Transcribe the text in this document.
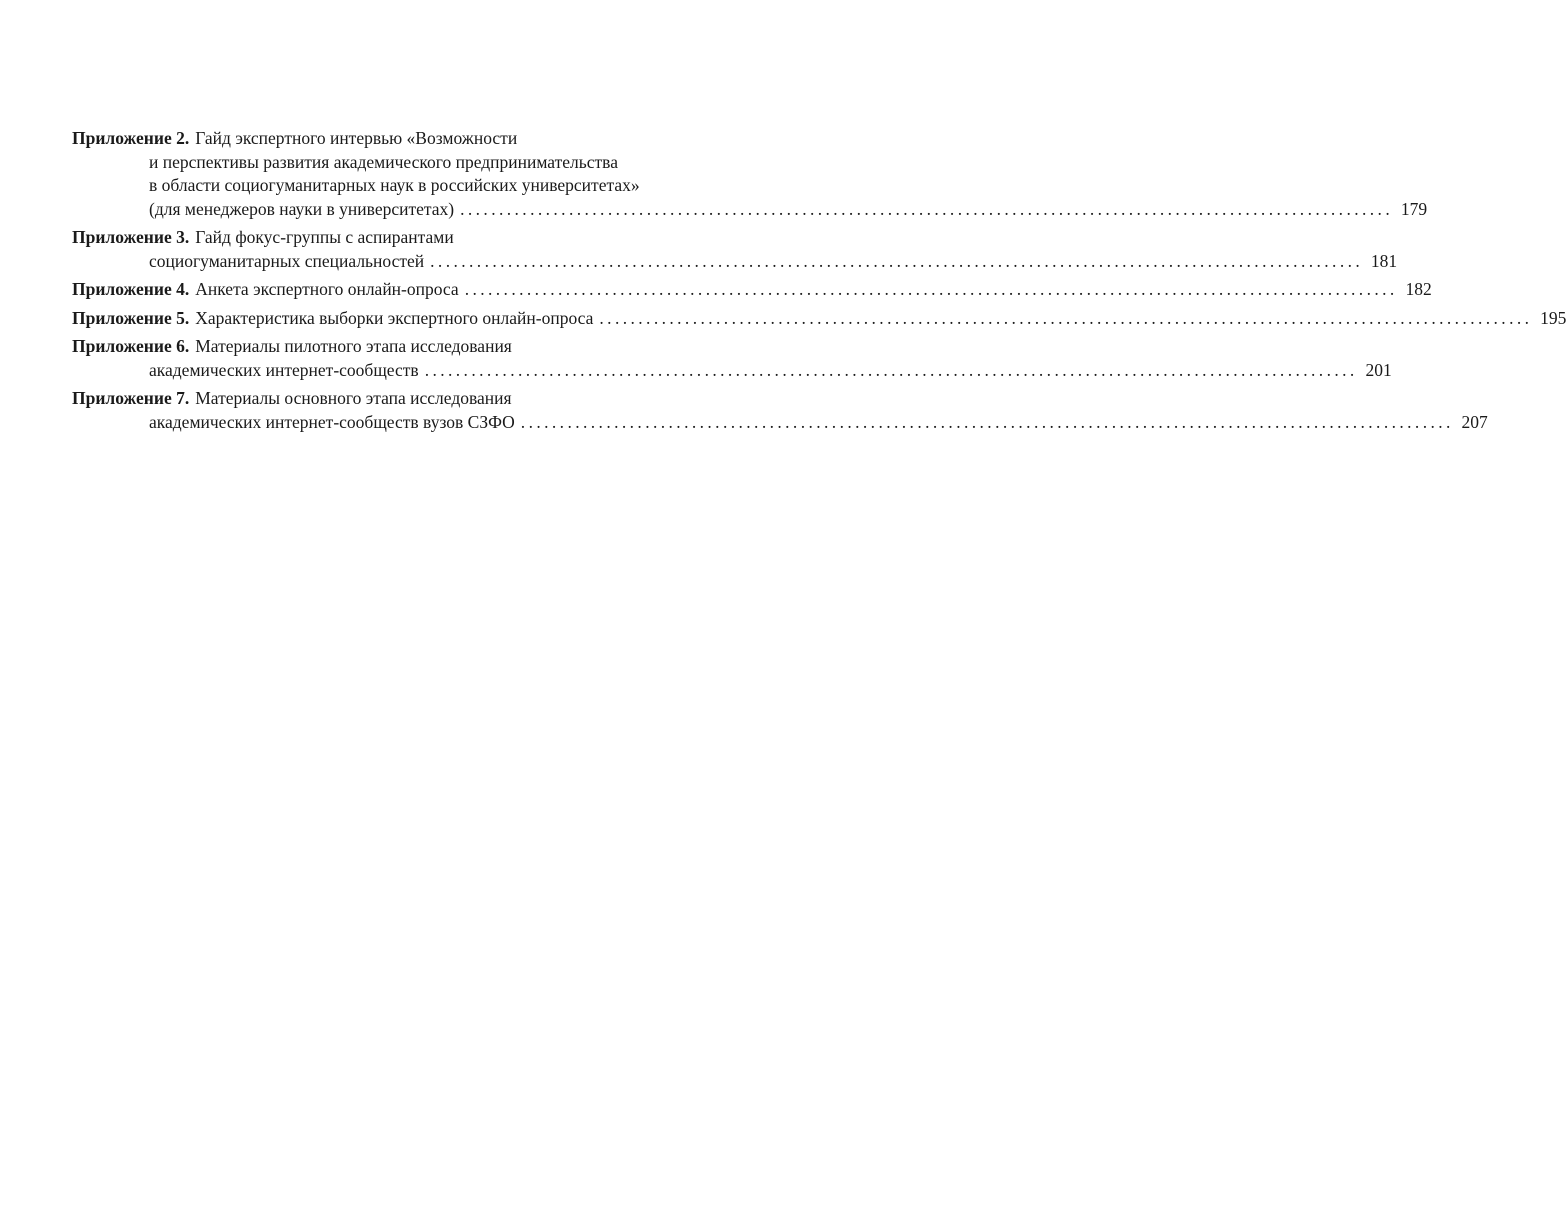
Приложение 2. Гайд экспертного интервью «Возможности
и перспективы развития академического предпринимательства
в области социогуманитарных наук в российских университетах»
(для менеджеров науки в университетах) ........................................................................................................................ 179
Приложение 3. Гайд фокус-группы с аспирантами
социогуманитарных специальностей ........................................................................................................................ 181
Приложение 4. Анкета экспертного онлайн-опроса ........................................................................................................................ 182
Приложение 5. Характеристика выборки экспертного онлайн-опроса ........................................................................................................................ 195
Приложение 6. Материалы пилотного этапа исследования
академических интернет-сообществ ........................................................................................................................ 201
Приложение 7. Материалы основного этапа исследования
академических интернет-сообществ вузов СЗФО ........................................................................................................................ 207
